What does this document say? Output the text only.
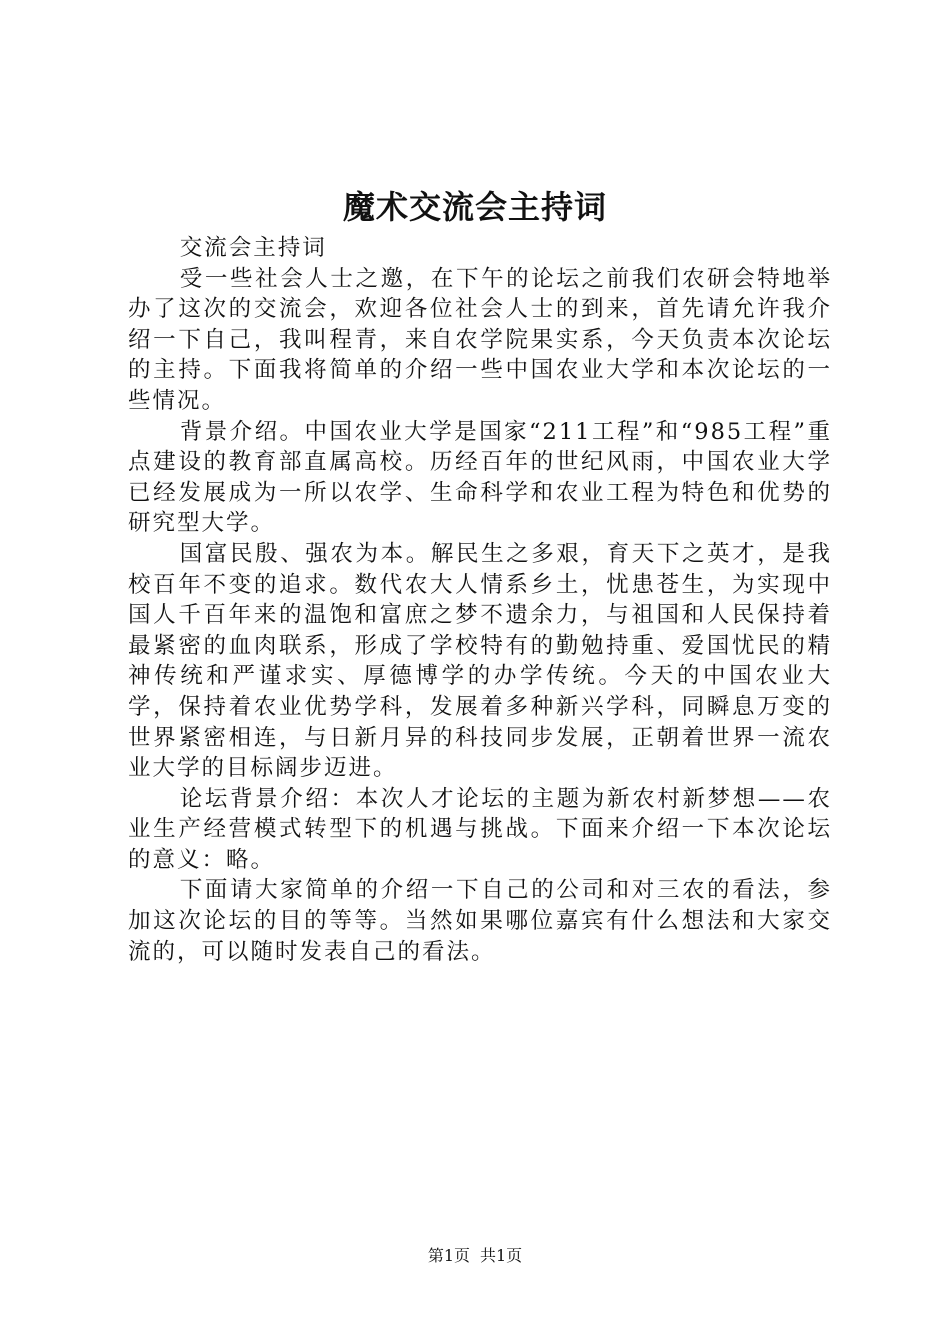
魔术交流会主持词

交流会主持词

受一些社会人士之邀，在下午的论坛之前我们农研会特地举办了这次的交流会，欢迎各位社会人士的到来，首先请允许我介绍一下自己，我叫程青，来自农学院果实系，今天负责本次论坛的主持。下面我将简单的介绍一些中国农业大学和本次论坛的一些情况。

背景介绍。中国农业大学是国家“211工程”和“985工程”重点建设的教育部直属高校。历经百年的世纪风雨，中国农业大学已经发展成为一所以农学、生命科学和农业工程为特色和优势的研究型大学。

国富民殷、强农为本。解民生之多艰，育天下之英才，是我校百年不变的追求。数代农大人情系乡土，忧患苍生，为实现中国人千百年来的温饱和富庶之梦不遗余力，与祖国和人民保持着最紧密的血肉联系，形成了学校特有的勤勉持重、爱国忧民的精神传统和严谨求实、厚德博学的办学传统。今天的中国农业大学，保持着农业优势学科，发展着多种新兴学科，同瞬息万变的世界紧密相连，与日新月异的科技同步发展，正朝着世界一流农业大学的目标阔步迈进。

论坛背景介绍：本次人才论坛的主题为新农村新梦想——农业生产经营模式转型下的机遇与挑战。下面来介绍一下本次论坛的意义：略。

下面请大家简单的介绍一下自己的公司和对三农的看法，参加这次论坛的目的等等。当然如果哪位嘉宾有什么想法和大家交流的，可以随时发表自己的看法。

第1页 共1页
